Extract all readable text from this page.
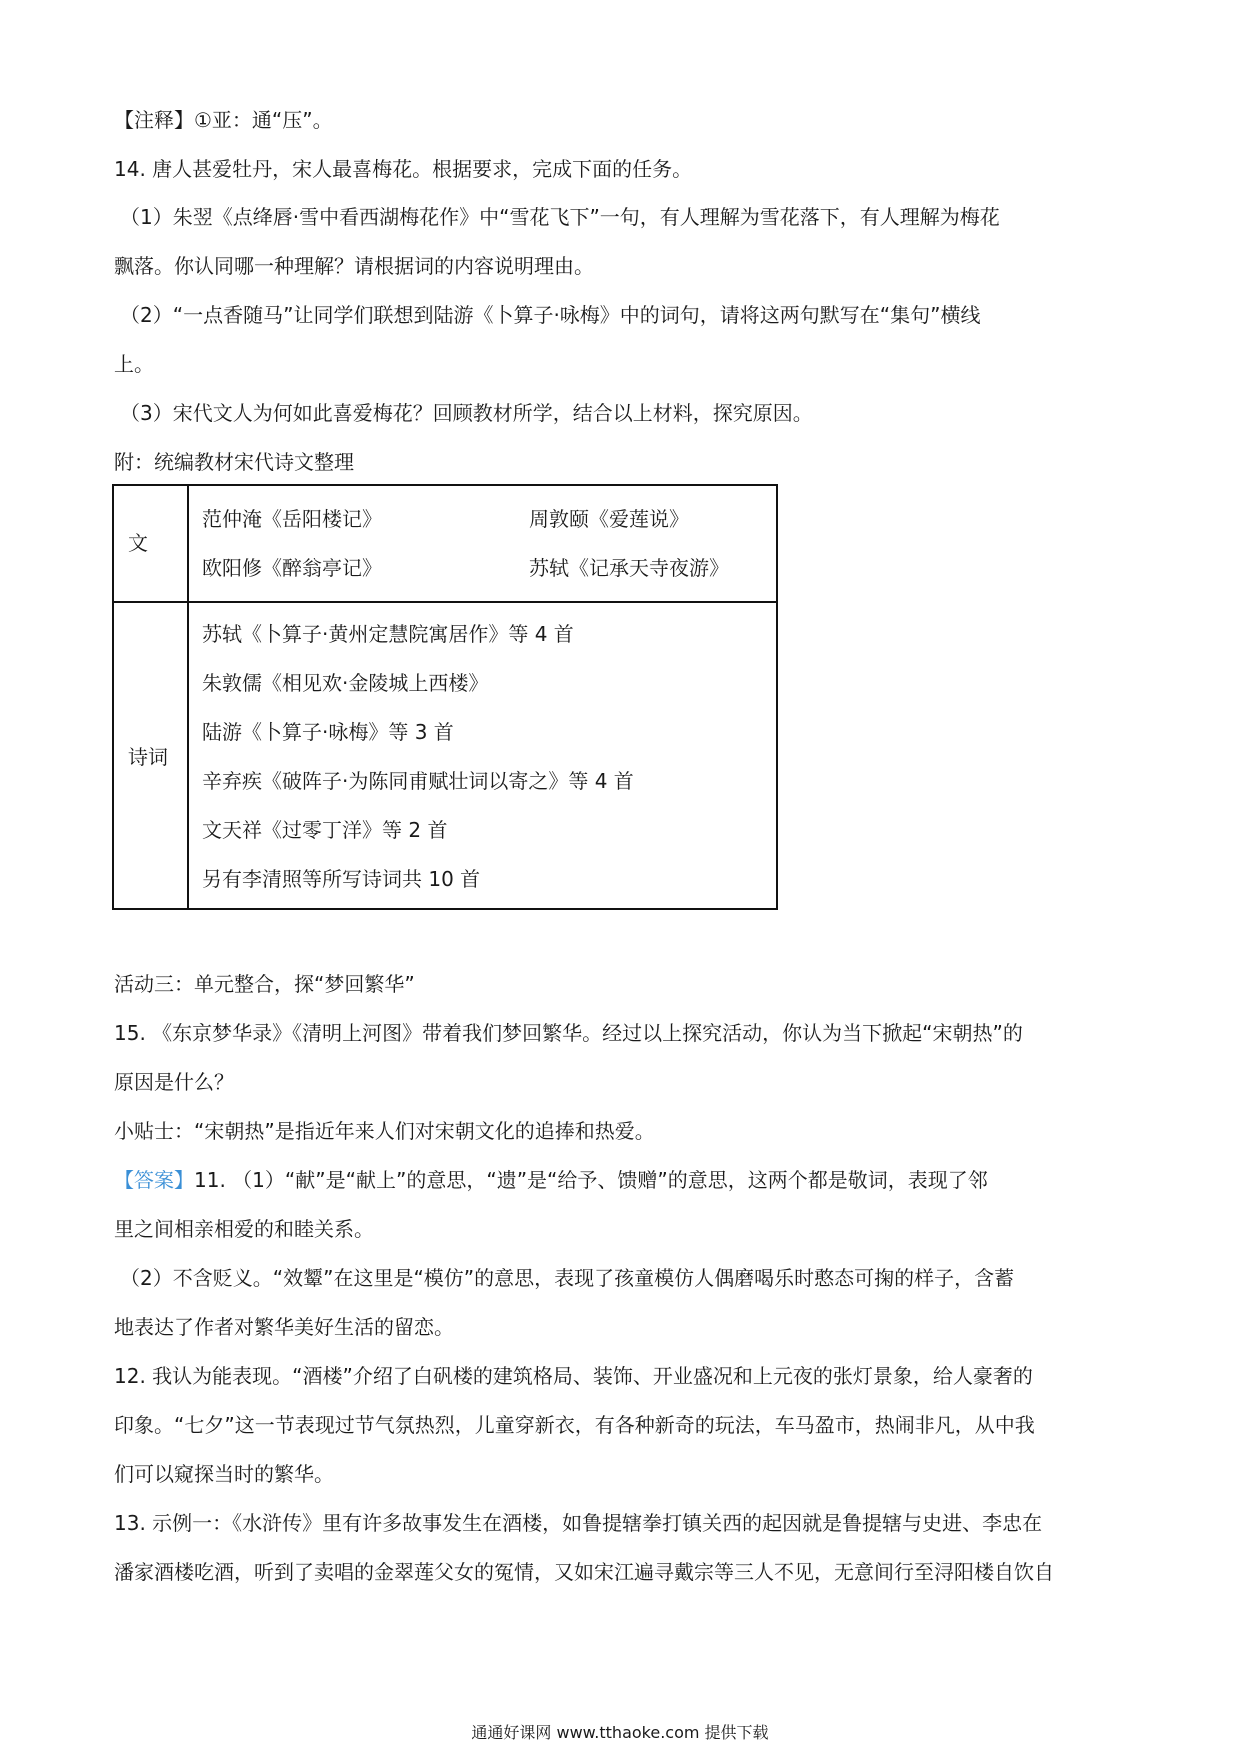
【注释】①亚：通“压”。
14. 唐人甚爱牡丹，宋人最喜梅花。根据要求，完成下面的任务。
（1）朱翌《点绛唇·雪中看西湖梅花作》中“雪花飞下”一句，有人理解为雪花落下，有人理解为梅花
飘落。你认同哪一种理解？请根据词的内容说明理由。
（2）“一点香随马”让同学们联想到陆游《卜算子·咏梅》中的词句，请将这两句默写在“集句”横线
上。
（3）宋代文人为何如此喜爱梅花？回顾教材所学，结合以上材料，探究原因。
附：统编教材宋代诗文整理
文
范仲淹《岳阳楼记》	周敦颐《爱莲说》
欧阳修《醉翁亭记》	苏轼《记承天寺夜游》
诗词
苏轼《卜算子·黄州定慧院寓居作》等 4 首
朱敦儒《相见欢·金陵城上西楼》
陆游《卜算子·咏梅》等 3 首
辛弃疾《破阵子·为陈同甫赋壮词以寄之》等 4 首
文天祥《过零丁洋》等 2 首
另有李清照等所写诗词共 10 首
活动三：单元整合，探“梦回繁华”
15. 《东京梦华录》《清明上河图》带着我们梦回繁华。经过以上探究活动，你认为当下掀起“宋朝热”的
原因是什么？
小贴士：“宋朝热”是指近年来人们对宋朝文化的追捧和热爱。
【答案】11. （1）“献”是“献上”的意思，“遗”是“给予、馈赠”的意思，这两个都是敬词，表现了邻
里之间相亲相爱的和睦关系。
（2）不含贬义。“效颦”在这里是“模仿”的意思，表现了孩童模仿人偶磨喝乐时憨态可掬的样子，含蓄
地表达了作者对繁华美好生活的留恋。
12. 我认为能表现。“酒楼”介绍了白矾楼的建筑格局、装饰、开业盛况和上元夜的张灯景象，给人豪奢的
印象。“七夕”这一节表现过节气氛热烈，儿童穿新衣，有各种新奇的玩法，车马盈市，热闹非凡，从中我
们可以窥探当时的繁华。
13. 示例一：《水浒传》里有许多故事发生在酒楼，如鲁提辖拳打镇关西的起因就是鲁提辖与史进、李忠在
潘家酒楼吃酒，听到了卖唱的金翠莲父女的冤情，又如宋江遍寻戴宗等三人不见，无意间行至浔阳楼自饮自
通通好课网 www.tthaoke.com 提供下载
